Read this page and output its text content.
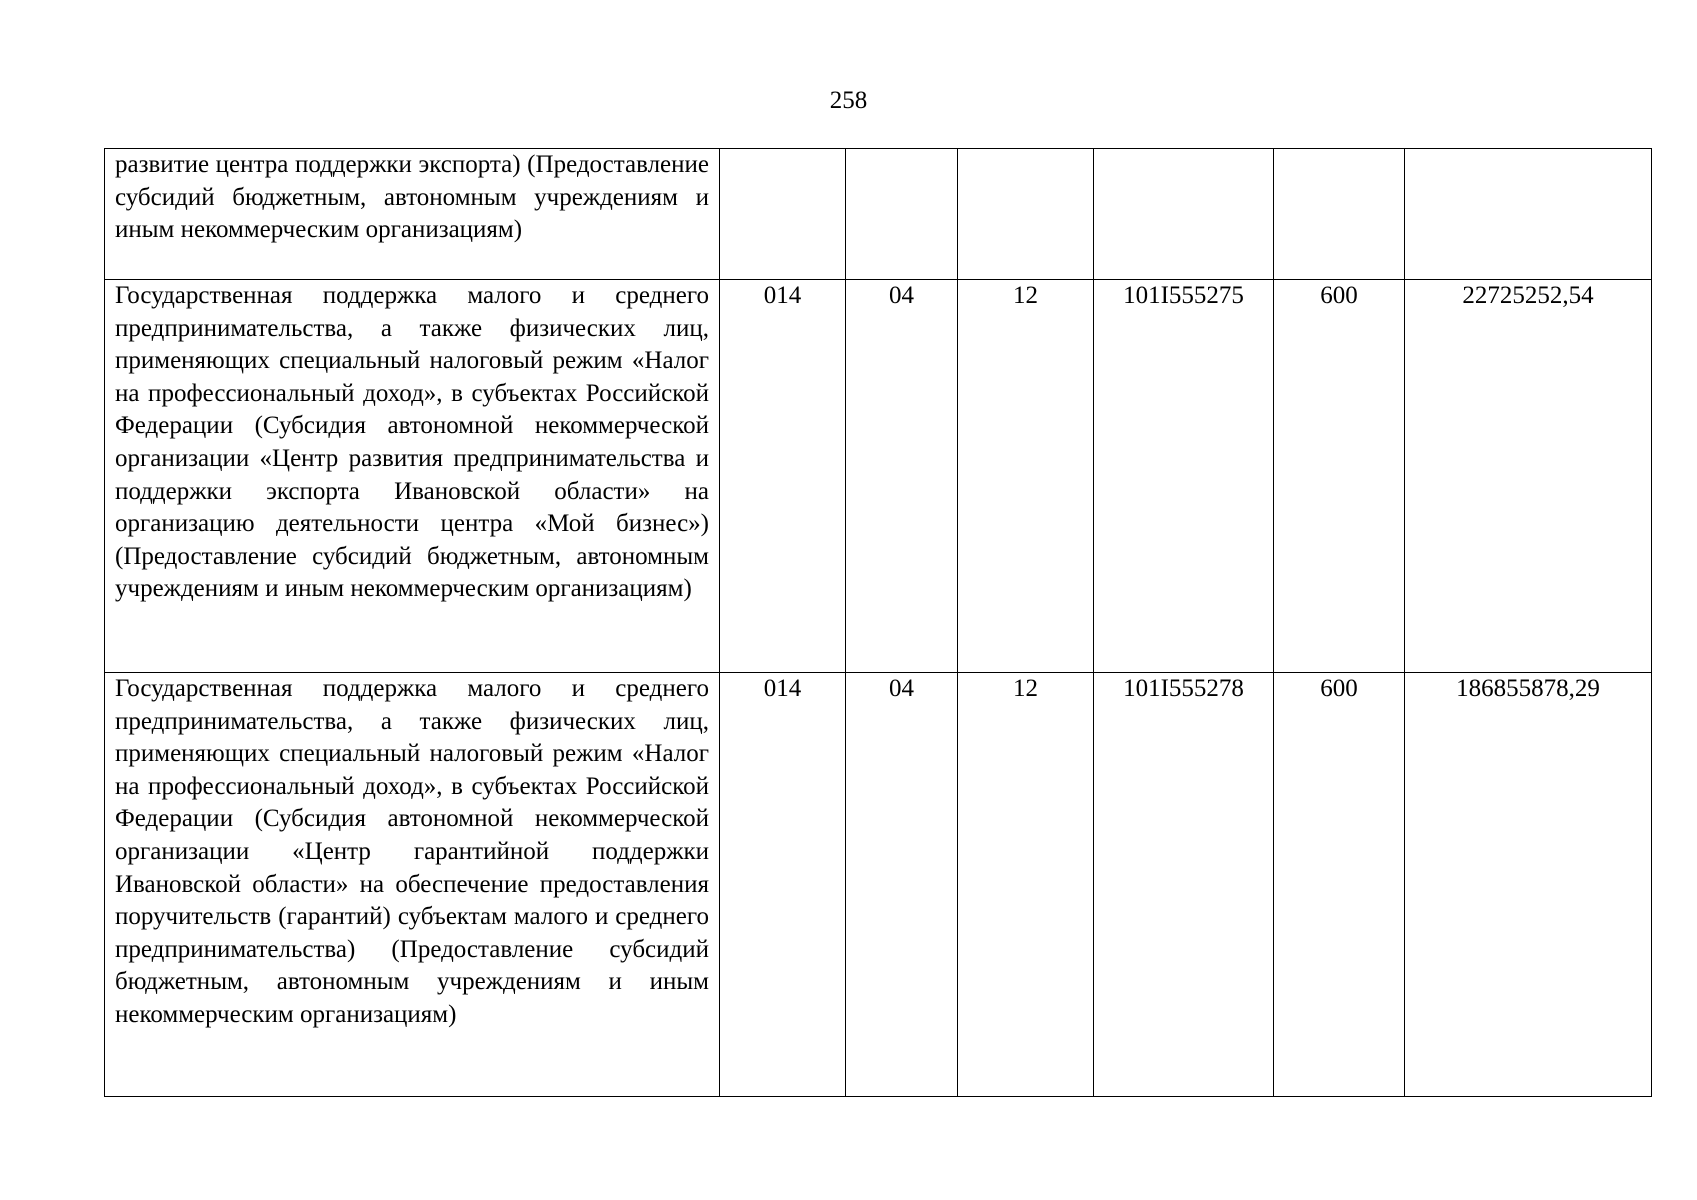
258
развитие центра поддержки экспорта) (Предоставление субсидий бюджетным, автономным учреждениям и иным некоммерческим организациям)						
Государственная поддержка малого и среднего предпринимательства, а также физических лиц, применяющих специальный налоговый режим «Налог на профессиональный доход», в субъектах Российской Федерации (Субсидия автономной некоммерческой организации «Центр развития предпринимательства и поддержки экспорта Ивановской области» на организацию деятельности центра «Мой бизнес») (Предоставление субсидий бюджетным, автономным учреждениям и иным некоммерческим организациям)	014	04	12	101I555275	600	22725252,54
Государственная поддержка малого и среднего предпринимательства, а также физических лиц, применяющих специальный налоговый режим «Налог на профессиональный доход», в субъектах Российской Федерации (Субсидия автономной некоммерческой организации «Центр гарантийной поддержки Ивановской области» на обеспечение предоставления поручительств (гарантий) субъектам малого и среднего предпринимательства) (Предоставление субсидий бюджетным, автономным учреждениям и иным некоммерческим организациям)	014	04	12	101I555278	600	186855878,29
